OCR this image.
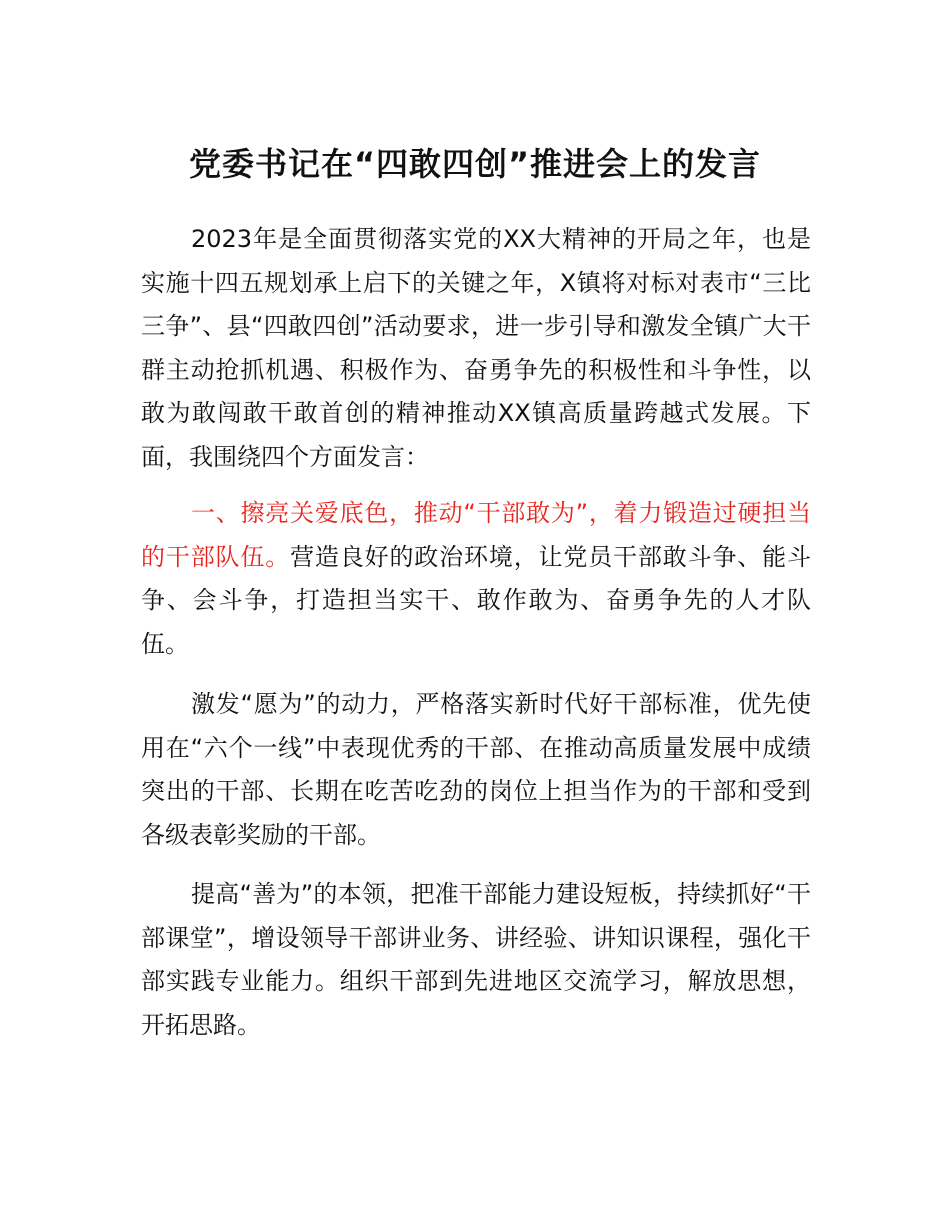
党委书记在“四敢四创”推进会上的发言

2023年是全面贯彻落实党的XX大精神的开局之年，也是实施十四五规划承上启下的关键之年，X镇将对标对表市“三比三争”、县“四敢四创”活动要求，进一步引导和激发全镇广大干群主动抢抓机遇、积极作为、奋勇争先的积极性和斗争性，以敢为敢闯敢干敢首创的精神推动XX镇高质量跨越式发展。下面，我围绕四个方面发言：

一、擦亮关爱底色，推动“干部敢为”，着力锻造过硬担当的干部队伍。营造良好的政治环境，让党员干部敢斗争、能斗争、会斗争，打造担当实干、敢作敢为、奋勇争先的人才队伍。

激发“愿为”的动力，严格落实新时代好干部标准，优先使用在“六个一线”中表现优秀的干部、在推动高质量发展中成绩突出的干部、长期在吃苦吃劲的岗位上担当作为的干部和受到各级表彰奖励的干部。

提高“善为”的本领，把准干部能力建设短板，持续抓好“干部课堂”，增设领导干部讲业务、讲经验、讲知识课程，强化干部实践专业能力。组织干部到先进地区交流学习，解放思想，开拓思路。
